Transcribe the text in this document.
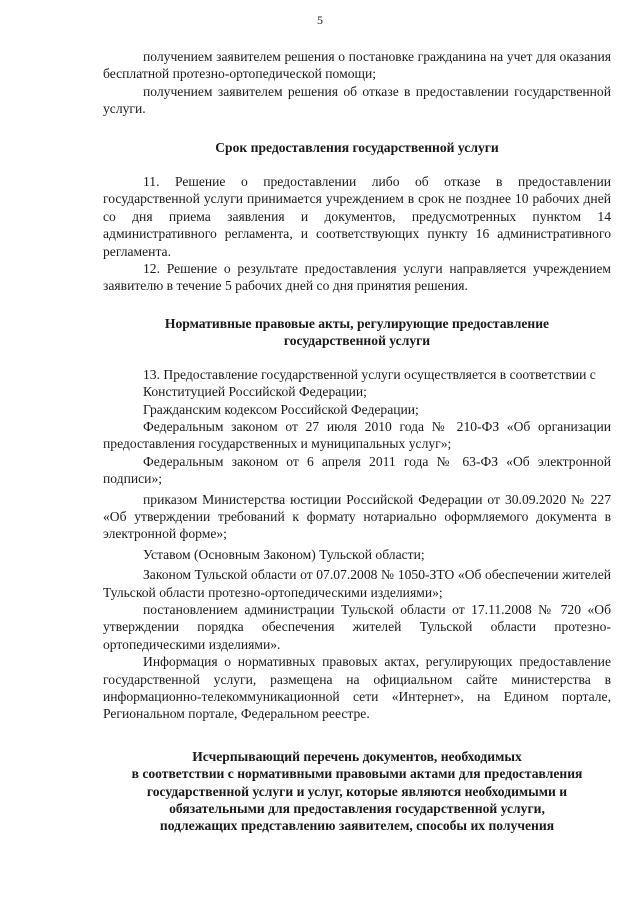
5

получением заявителем решения о постановке гражданина на учет для оказания бесплатной протезно-ортопедической помощи;

получением заявителем решения об отказе в предоставлении государственной услуги.

Срок предоставления государственной услуги

11. Решение о предоставлении либо об отказе в предоставлении государственной услуги принимается учреждением в срок не позднее 10 рабочих дней со дня приема заявления и документов, предусмотренных пунктом 14 административного регламента, и соответствующих пункту 16 административного регламента.

12. Решение о результате предоставления услуги направляется учреждением заявителю в течение 5 рабочих дней со дня принятия решения.

Нормативные правовые акты, регулирующие предоставление
государственной услуги

13. Предоставление государственной услуги осуществляется в соответствии с

Конституцией Российской Федерации;

Гражданским кодексом Российской Федерации;

Федеральным законом от 27 июля 2010 года № 210-ФЗ «Об организации предоставления государственных и муниципальных услуг»;

Федеральным законом от 6 апреля 2011 года № 63-ФЗ «Об электронной подписи»;

приказом Министерства юстиции Российской Федерации от 30.09.2020 № 227 «Об утверждении требований к формату нотариально оформляемого документа в электронной форме»;

Уставом (Основным Законом) Тульской области;

Законом Тульской области от 07.07.2008 № 1050-ЗТО «Об обеспечении жителей Тульской области протезно-ортопедическими изделиями»;

постановлением администрации Тульской области от 17.11.2008 № 720 «Об утверждении порядка обеспечения жителей Тульской области протезно-ортопедическими изделиями».

Информация о нормативных правовых актах, регулирующих предоставление государственной услуги, размещена на официальном сайте министерства в информационно-телекоммуникационной сети «Интернет», на Едином портале, Региональном портале, Федеральном реестре.

Исчерпывающий перечень документов, необходимых
в соответствии с нормативными правовыми актами для предоставления
государственной услуги и услуг, которые являются необходимыми и
обязательными для предоставления государственной услуги,
подлежащих представлению заявителем, способы их получения
